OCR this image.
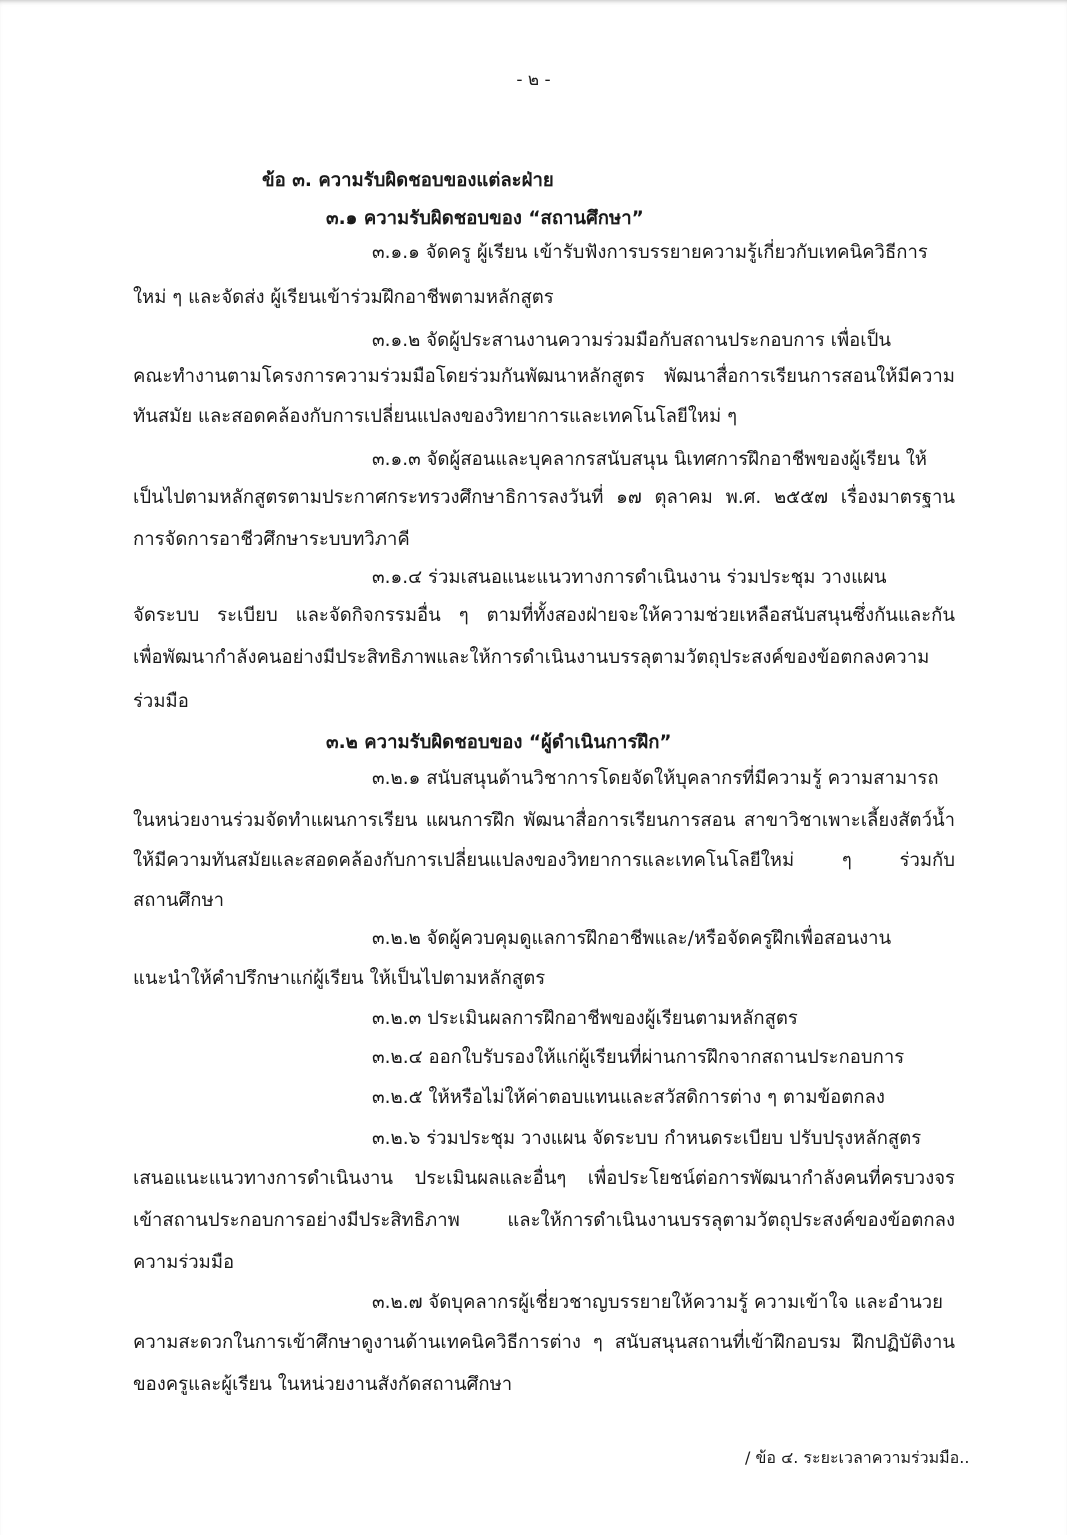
- ๒ -
ข้อ ๓. ความรับผิดชอบของแต่ละฝ่าย
๓.๑ ความรับผิดชอบของ “สถานศึกษา”
๓.๑.๑ จัดครู ผู้เรียน เข้ารับฟังการบรรยายความรู้เกี่ยวกับเทคนิควิธีการ
ใหม่ ๆ และจัดส่ง ผู้เรียนเข้าร่วมฝึกอาชีพตามหลักสูตร
๓.๑.๒ จัดผู้ประสานงานความร่วมมือกับสถานประกอบการ เพื่อเป็น
คณะทำงานตามโครงการความร่วมมือโดยร่วมกันพัฒนาหลักสูตร พัฒนาสื่อการเรียนการสอนให้มีความ
ทันสมัย และสอดคล้องกับการเปลี่ยนแปลงของวิทยาการและเทคโนโลยีใหม่ ๆ
๓.๑.๓ จัดผู้สอนและบุคลากรสนับสนุน นิเทศการฝึกอาชีพของผู้เรียน ให้
เป็นไปตามหลักสูตรตามประกาศกระทรวงศึกษาธิการลงวันที่ ๑๗ ตุลาคม พ.ศ. ๒๕๕๗ เรื่องมาตรฐาน
การจัดการอาชีวศึกษาระบบทวิภาคี
๓.๑.๔ ร่วมเสนอแนะแนวทางการดำเนินงาน ร่วมประชุม วางแผน
จัดระบบ ระเบียบ และจัดกิจกรรมอื่น ๆ ตามที่ทั้งสองฝ่ายจะให้ความช่วยเหลือสนับสนุนซึ่งกันและกัน
เพื่อพัฒนากำลังคนอย่างมีประสิทธิภาพและให้การดำเนินงานบรรลุตามวัตถุประสงค์ของข้อตกลงความ
ร่วมมือ
๓.๒ ความรับผิดชอบของ “ผู้ดำเนินการฝึก”
๓.๒.๑ สนับสนุนด้านวิชาการโดยจัดให้บุคลากรที่มีความรู้ ความสามารถ
ในหน่วยงานร่วมจัดทำแผนการเรียน แผนการฝึก พัฒนาสื่อการเรียนการสอน สาขาวิชาเพาะเลี้ยงสัตว์น้ำ
ให้มีความทันสมัยและสอดคล้องกับการเปลี่ยนแปลงของวิทยาการและเทคโนโลยีใหม่ ๆ ร่วมกับ
สถานศึกษา
๓.๒.๒ จัดผู้ควบคุมดูแลการฝึกอาชีพและ/หรือจัดครูฝึกเพื่อสอนงาน
แนะนำให้คำปรึกษาแก่ผู้เรียน ให้เป็นไปตามหลักสูตร
๓.๒.๓ ประเมินผลการฝึกอาชีพของผู้เรียนตามหลักสูตร
๓.๒.๔ ออกใบรับรองให้แก่ผู้เรียนที่ผ่านการฝึกจากสถานประกอบการ
๓.๒.๕ ให้หรือไม่ให้ค่าตอบแทนและสวัสดิการต่าง ๆ ตามข้อตกลง
๓.๒.๖ ร่วมประชุม วางแผน จัดระบบ กำหนดระเบียบ ปรับปรุงหลักสูตร
เสนอแนะแนวทางการดำเนินงาน ประเมินผลและอื่นๆ เพื่อประโยชน์ต่อการพัฒนากำลังคนที่ครบวงจร
เข้าสถานประกอบการอย่างมีประสิทธิภาพ และให้การดำเนินงานบรรลุตามวัตถุประสงค์ของข้อตกลง
ความร่วมมือ
๓.๒.๗ จัดบุคลากรผู้เชี่ยวชาญบรรยายให้ความรู้ ความเข้าใจ และอำนวย
ความสะดวกในการเข้าศึกษาดูงานด้านเทคนิควิธีการต่าง ๆ สนับสนุนสถานที่เข้าฝึกอบรม ฝึกปฏิบัติงาน
ของครูและผู้เรียน ในหน่วยงานสังกัดสถานศึกษา
/ ข้อ ๔. ระยะเวลาความร่วมมือ..
